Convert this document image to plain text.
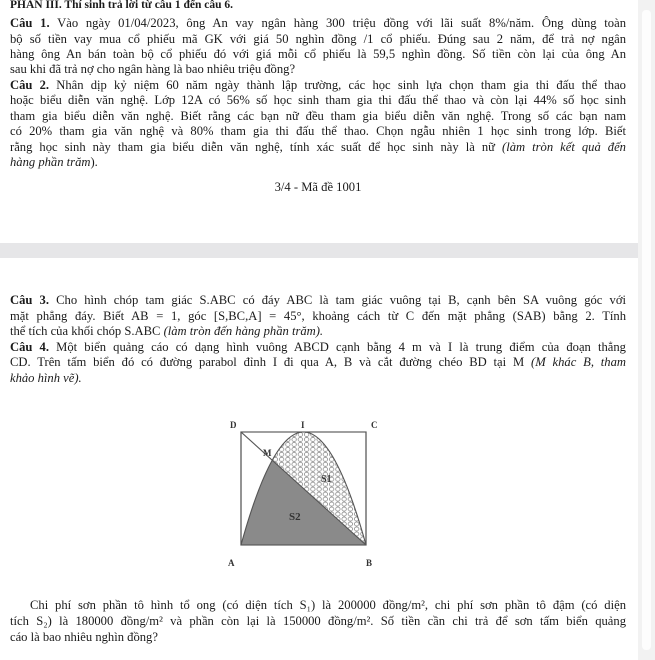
PHẦN III. Thí sinh trả lời từ câu 1 đến câu 6.
Câu 1. Vào ngày 01/04/2023, ông An vay ngân hàng 300 triệu đồng với lãi suất 8%/năm. Ông dùng toàn
bộ số tiền vay mua cổ phiếu mã GK với giá 50 nghìn đồng /1 cổ phiếu. Đúng sau 2 năm, để trả nợ ngân
hàng ông An bán toàn bộ cổ phiếu đó với giá mỗi cổ phiếu là 59,5 nghìn đồng. Số tiền còn lại của ông An
sau khi đã trả nợ cho ngân hàng là bao nhiêu triệu đồng?
Câu 2. Nhân dịp kỷ niệm 60 năm ngày thành lập trường, các học sinh lựa chọn tham gia thi đấu thể thao
hoặc biểu diễn văn nghệ. Lớp 12A có 56% số học sinh tham gia thi đấu thể thao và còn lại 44% số học sinh
tham gia biểu diễn văn nghệ. Biết rằng các bạn nữ đều tham gia biểu diễn văn nghệ. Trong số các bạn nam
có 20% tham gia văn nghệ và 80% tham gia thi đấu thể thao. Chọn ngẫu nhiên 1 học sinh trong lớp. Biết
rằng học sinh này tham gia biểu diễn văn nghệ, tính xác suất để học sinh này là nữ (làm tròn kết quả đến
hàng phần trăm).
3/4 - Mã đề 1001
Câu 3. Cho hình chóp tam giác S.ABC có đáy ABC là tam giác vuông tại B, cạnh bên SA vuông góc với
mặt phẳng đáy. Biết AB = 1, góc [S,BC,A] = 45°, khoảng cách từ C đến mặt phẳng (SAB) bằng 2. Tính
thể tích của khối chóp S.ABC (làm tròn đến hàng phần trăm).
Câu 4. Một biển quảng cáo có dạng hình vuông ABCD cạnh bằng 4 m và I là trung điểm của đoạn thẳng
CD. Trên tấm biển đó có đường parabol đỉnh I đi qua A, B và cắt đường chéo BD tại M (M khác B, tham
khảo hình vẽ).
D	I	C
M
S1
S2
A	B
Chi phí sơn phần tô hình tổ ong (có diện tích S₁) là 200000 đồng/m², chi phí sơn phần tô đậm (có diện
tích S₂) là 180000 đồng/m² và phần còn lại là 150000 đồng/m². Số tiền cần chi trả để sơn tấm biển quảng
cáo là bao nhiêu nghìn đồng?
